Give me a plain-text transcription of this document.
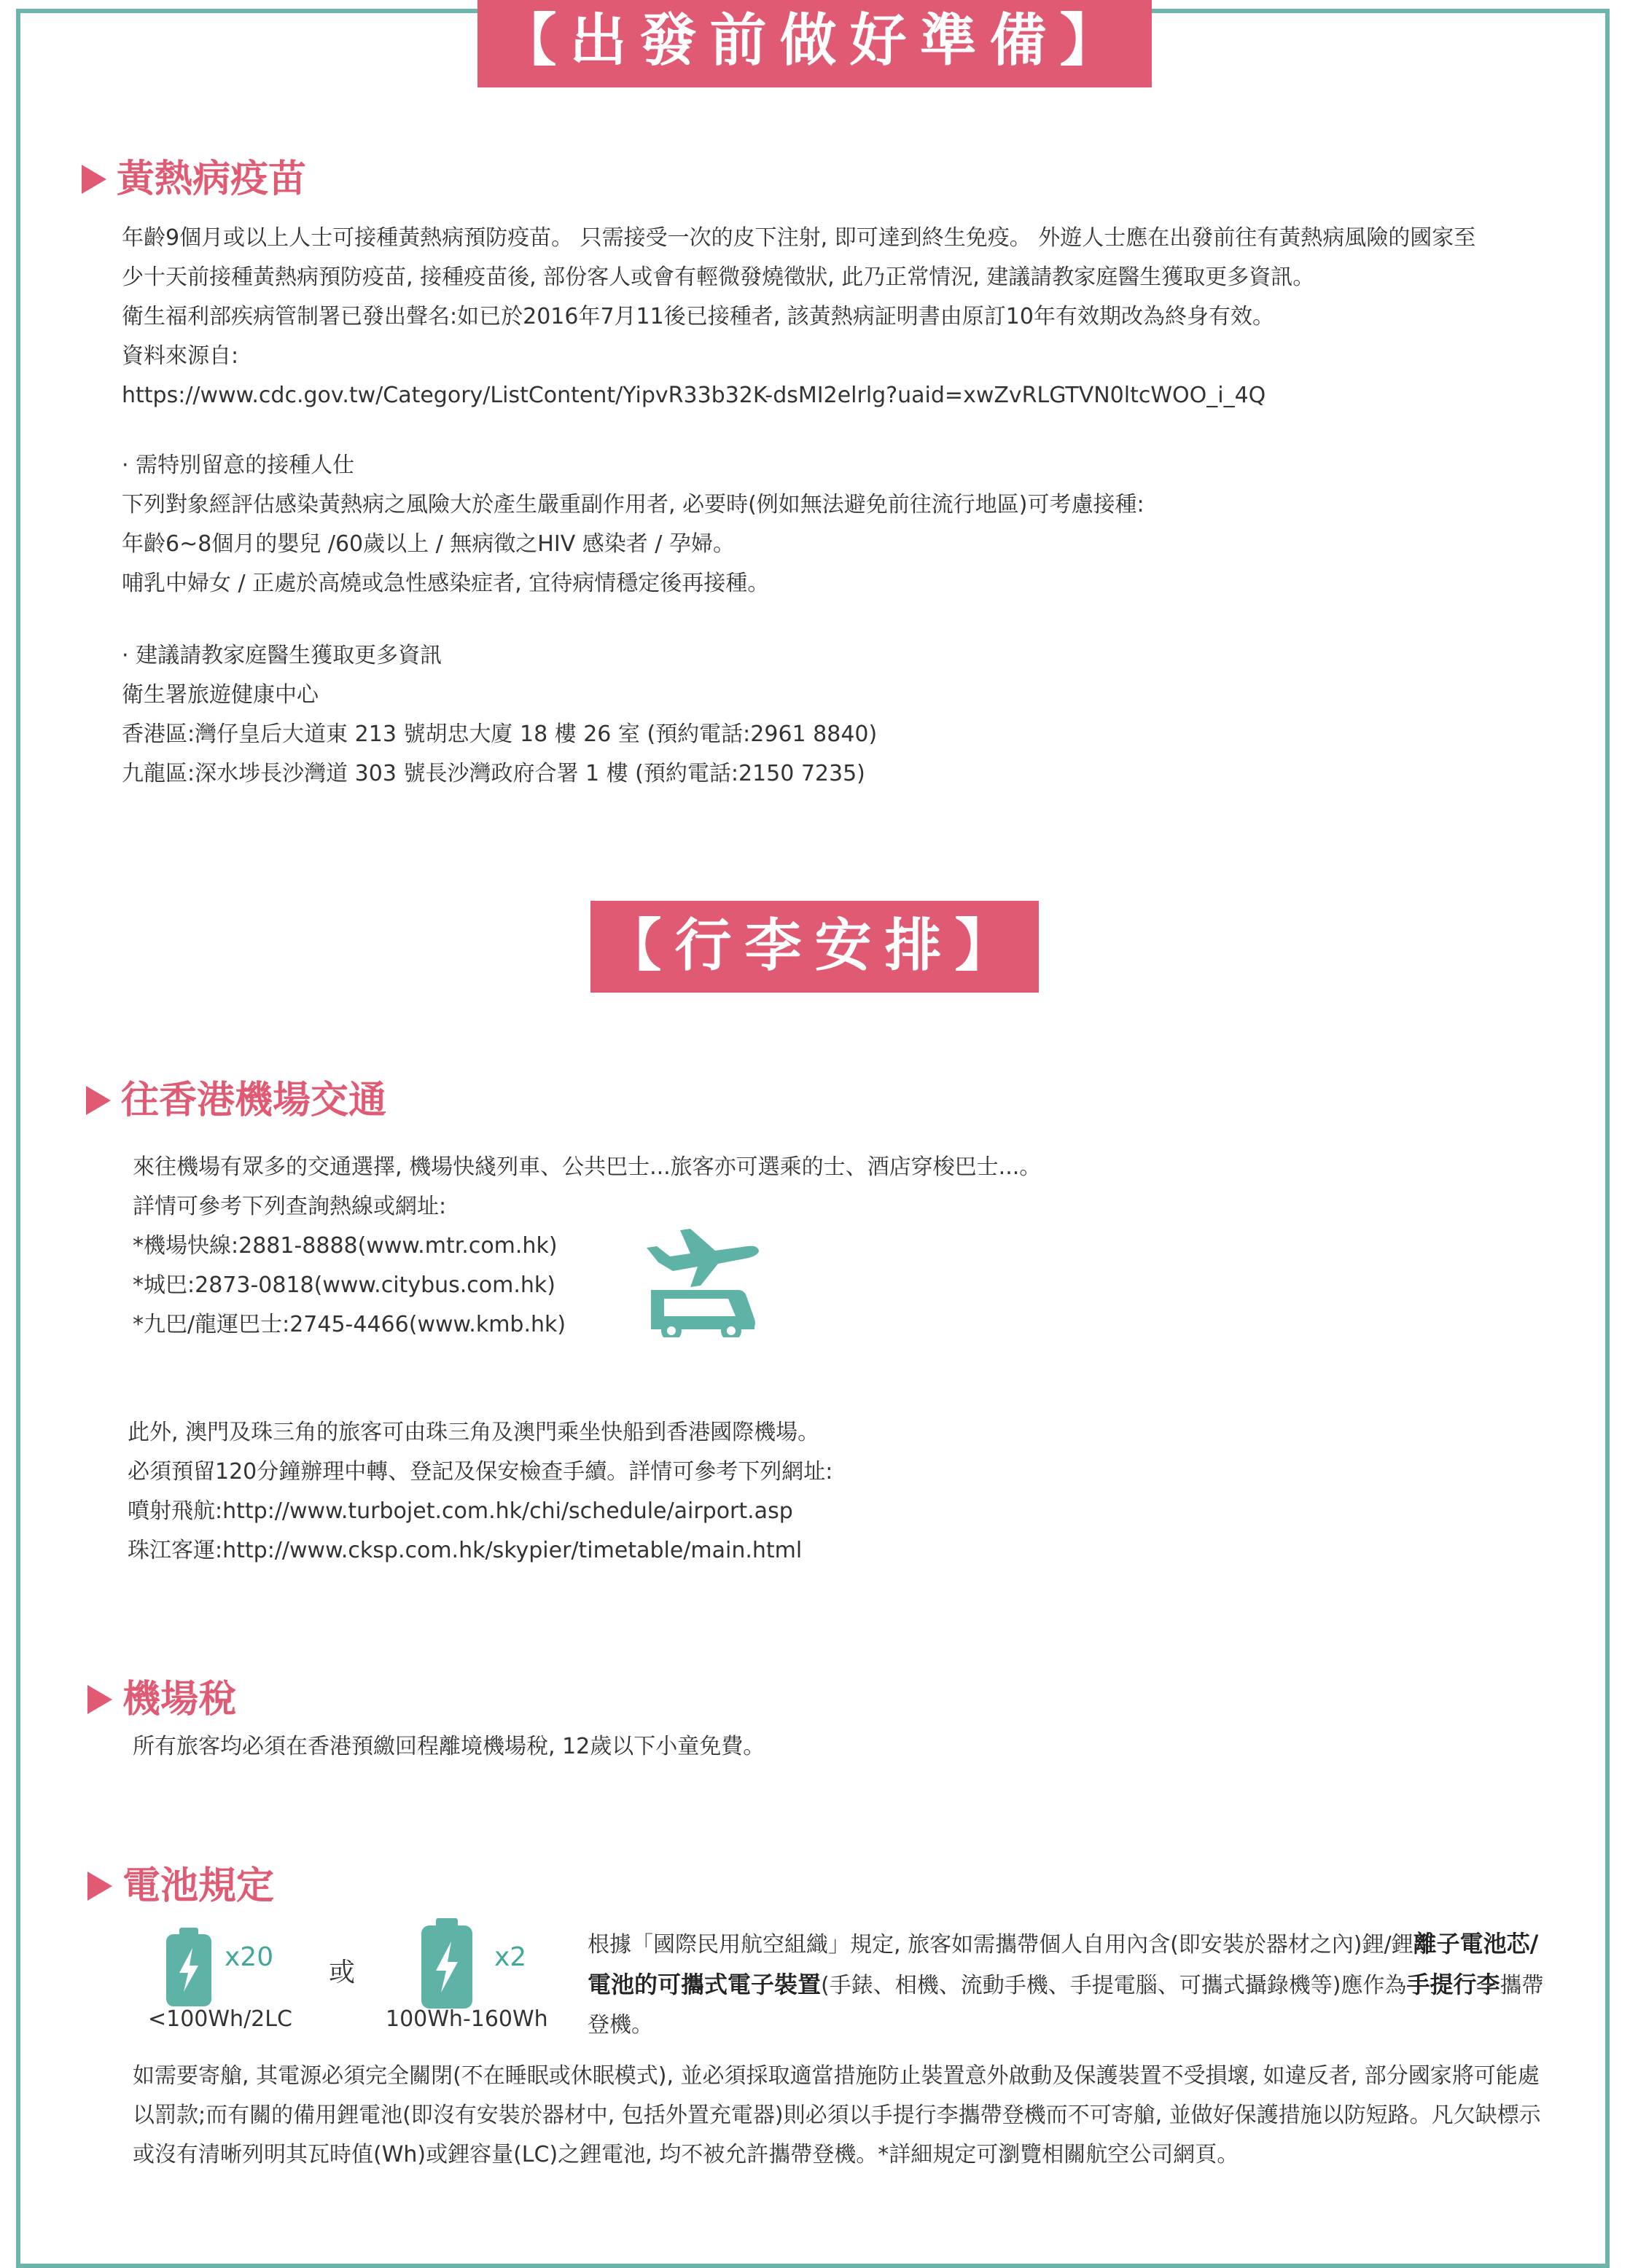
【出發前做好準備】
黃熱病疫苗
年齡9個月或以上人士可接種黃熱病預防疫苗。 只需接受一次的皮下注射, 即可達到終生免疫。 外遊人士應在出發前往有黃熱病風險的國家至
少十天前接種黃熱病預防疫苗, 接種疫苗後, 部份客人或會有輕微發燒徵狀, 此乃正常情況, 建議請教家庭醫生獲取更多資訊。
衛生福利部疾病管制署已發出聲名:如已於2016年7月11後已接種者, 該黃熱病証明書由原訂10年有效期改為終身有效。
資料來源自:
https://www.cdc.gov.tw/Category/ListContent/YipvR33b32K-dsMI2elrlg?uaid=xwZvRLGTVN0ltcWOO_i_4Q
· 需特別留意的接種人仕
下列對象經評估感染黃熱病之風險大於產生嚴重副作用者, 必要時(例如無法避免前往流行地區)可考慮接種:
年齡6~8個月的嬰兒 /60歲以上 / 無病徵之HIV 感染者 / 孕婦。
哺乳中婦女 / 正處於高燒或急性感染症者, 宜待病情穩定後再接種。
· 建議請教家庭醫生獲取更多資訊
衛生署旅遊健康中心
香港區:灣仔皇后大道東 213 號胡忠大廈 18 樓 26 室 (預約電話:2961 8840)
九龍區:深水埗長沙灣道 303 號長沙灣政府合署 1 樓 (預約電話:2150 7235)
【行李安排】
往香港機場交通
來往機場有眾多的交通選擇, 機場快綫列車、公共巴士...旅客亦可選乘的士、酒店穿梭巴士...。
詳情可參考下列查詢熱線或網址:
*機場快線:2881-8888(www.mtr.com.hk)
*城巴:2873-0818(www.citybus.com.hk)
*九巴/龍運巴士:2745-4466(www.kmb.hk)
此外, 澳門及珠三角的旅客可由珠三角及澳門乘坐快船到香港國際機場。
必須預留120分鐘辦理中轉、登記及保安檢查手續。詳情可參考下列網址:
噴射飛航:http://www.turbojet.com.hk/chi/schedule/airport.asp
珠江客運:http://www.cksp.com.hk/skypier/timetable/main.html
機場稅
所有旅客均必須在香港預繳回程離境機場稅, 12歲以下小童免費。
電池規定
x20
<100Wh/2LC
或
x2
100Wh-160Wh
根據「國際民用航空組織」規定, 旅客如需攜帶個人自用內含(即安裝於器材之內)鋰/鋰離子電池芯/
電池的可攜式電子裝置(手錶、相機、流動手機、手提電腦、可攜式攝錄機等)應作為手提行李攜帶
登機。
如需要寄艙, 其電源必須完全關閉(不在睡眠或休眠模式), 並必須採取適當措施防止裝置意外啟動及保護裝置不受損壞, 如違反者, 部分國家將可能處以罰款;而有關的備用鋰電池(即沒有安裝於器材中, 包括外置充電器)則必須以手提行李攜帶登機而不可寄艙, 並做好保護措施以防短路。凡欠缺標示或沒有清晰列明其瓦時值(Wh)或鋰容量(LC)之鋰電池, 均不被允許攜帶登機。*詳細規定可瀏覽相關航空公司網頁。
